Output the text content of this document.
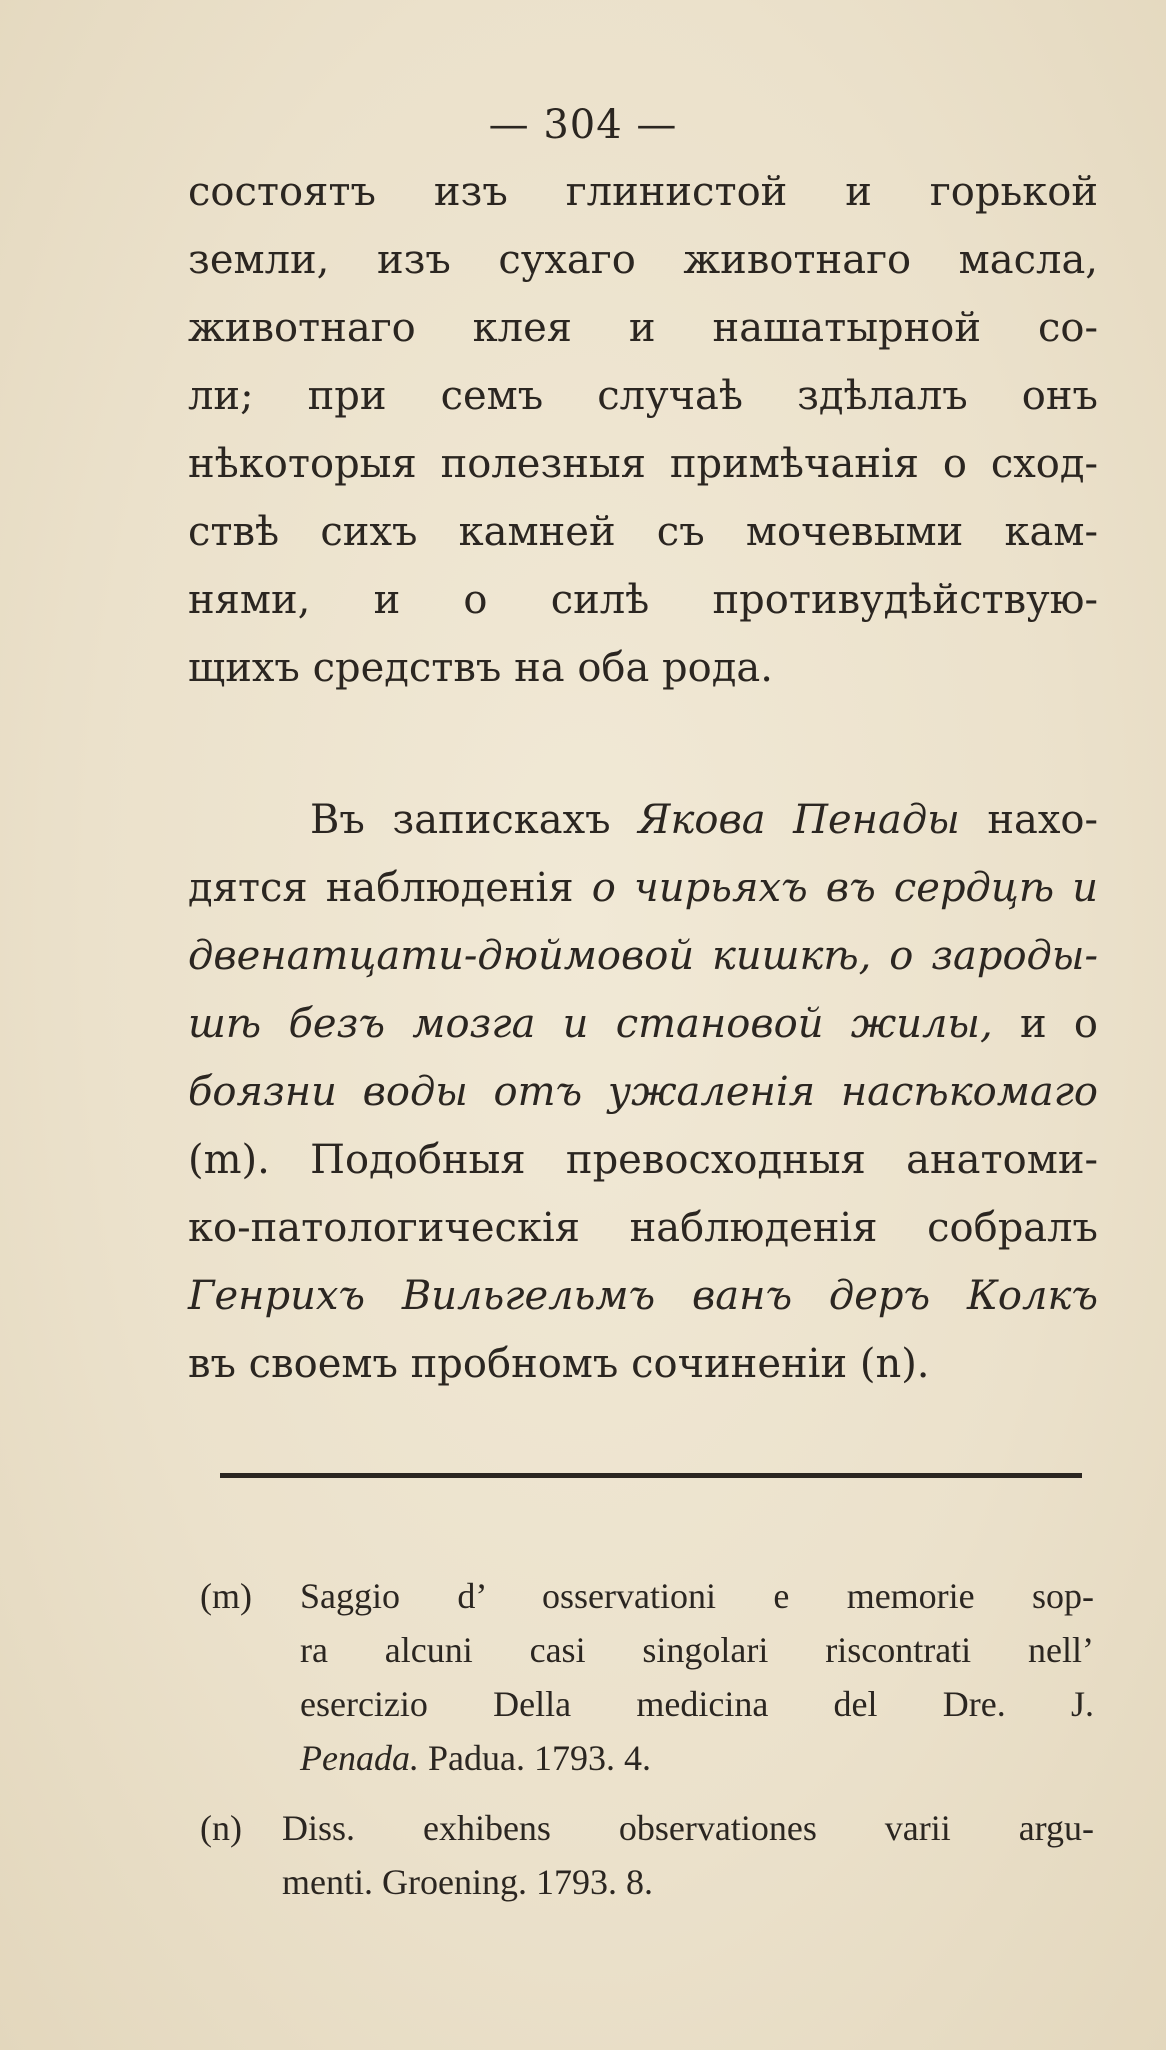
— 304 —
состоятъ изъ глинистой и горькой
земли, изъ сухаго животнаго масла,
животнаго клея и нашатырной со-
ли; при семъ случаѣ здѣлалъ онъ
нѣкоторыя полезныя примѣчанія о сход-
ствѣ сихъ камней съ мочевыми кам-
нями, и о силѣ противудѣйствую-
щихъ средствъ на оба рода.
Въ запискахъ Якова Пенады нахо-
дятся наблюденія о чирьяхъ въ сердцѣ и
двенатцати-дюймовой кишкѣ, о зароды-
шѣ безъ мозга и становой жилы, и о
боязни воды отъ ужаленія насѣкомаго
(m). Подобныя превосходныя анатоми-
ко-патологическія наблюденія собралъ
Генрихъ Вильгельмъ ванъ деръ Колкъ
въ своемъ пробномъ сочиненіи (n).
(m) Saggio d’ osservationi e memorie sop-
ra alcuni casi singolari riscontrati nell’
esercizio Della medicina del Dre. J.
Penada. Padua. 1793. 4.
(n) Diss. exhibens observationes varii argu-
menti. Groening. 1793. 8.
